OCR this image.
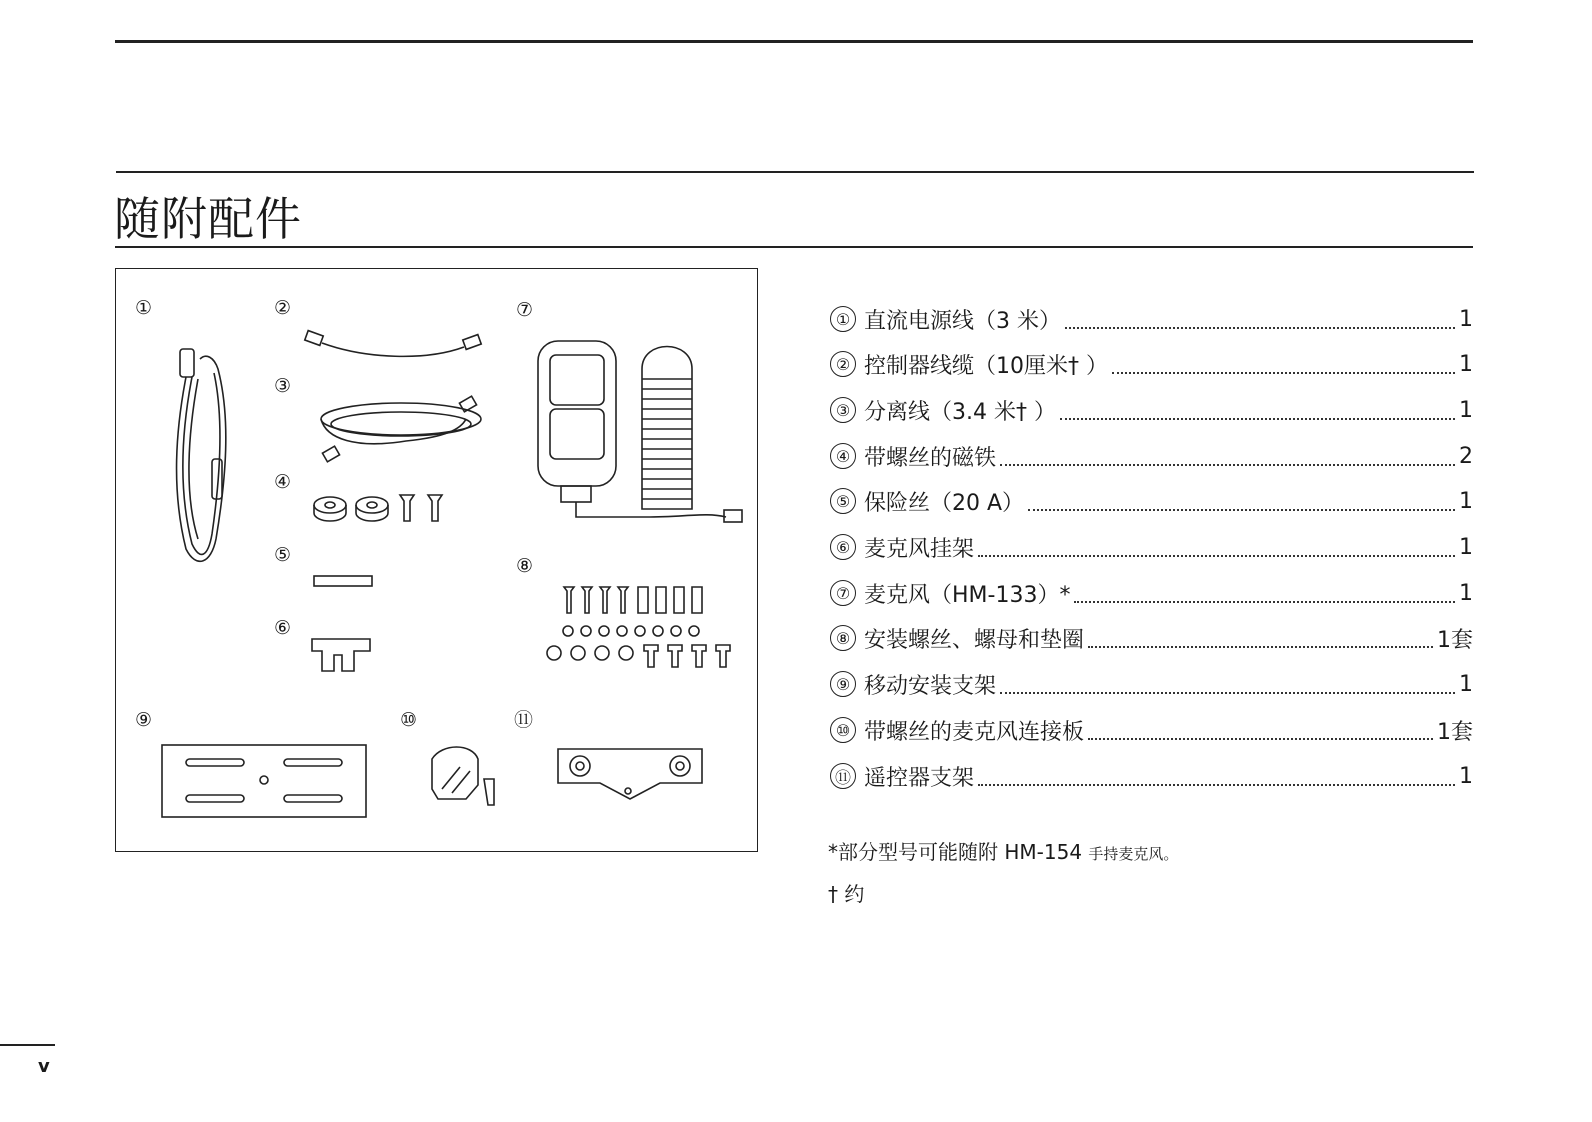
随附配件
①	②
③
④
⑤
⑥
⑦
⑧
⑨	⑩	⑪
① 直流电源线（3 米）	1
② 控制器线缆（10厘米† ）	1
③ 分离线（3.4 米† ）	1
④ 带螺丝的磁铁	2
⑤ 保险丝（20 A）	1
⑥ 麦克风挂架	1
⑦ 麦克风（HM-133）*	1
⑧ 安装螺丝、螺母和垫圈	1套
⑨ 移动安装支架	1
⑩ 带螺丝的麦克风连接板	1套
⑪ 遥控器支架	1
*部分型号可能随附 HM-154 手持麦克风。
† 约
v
